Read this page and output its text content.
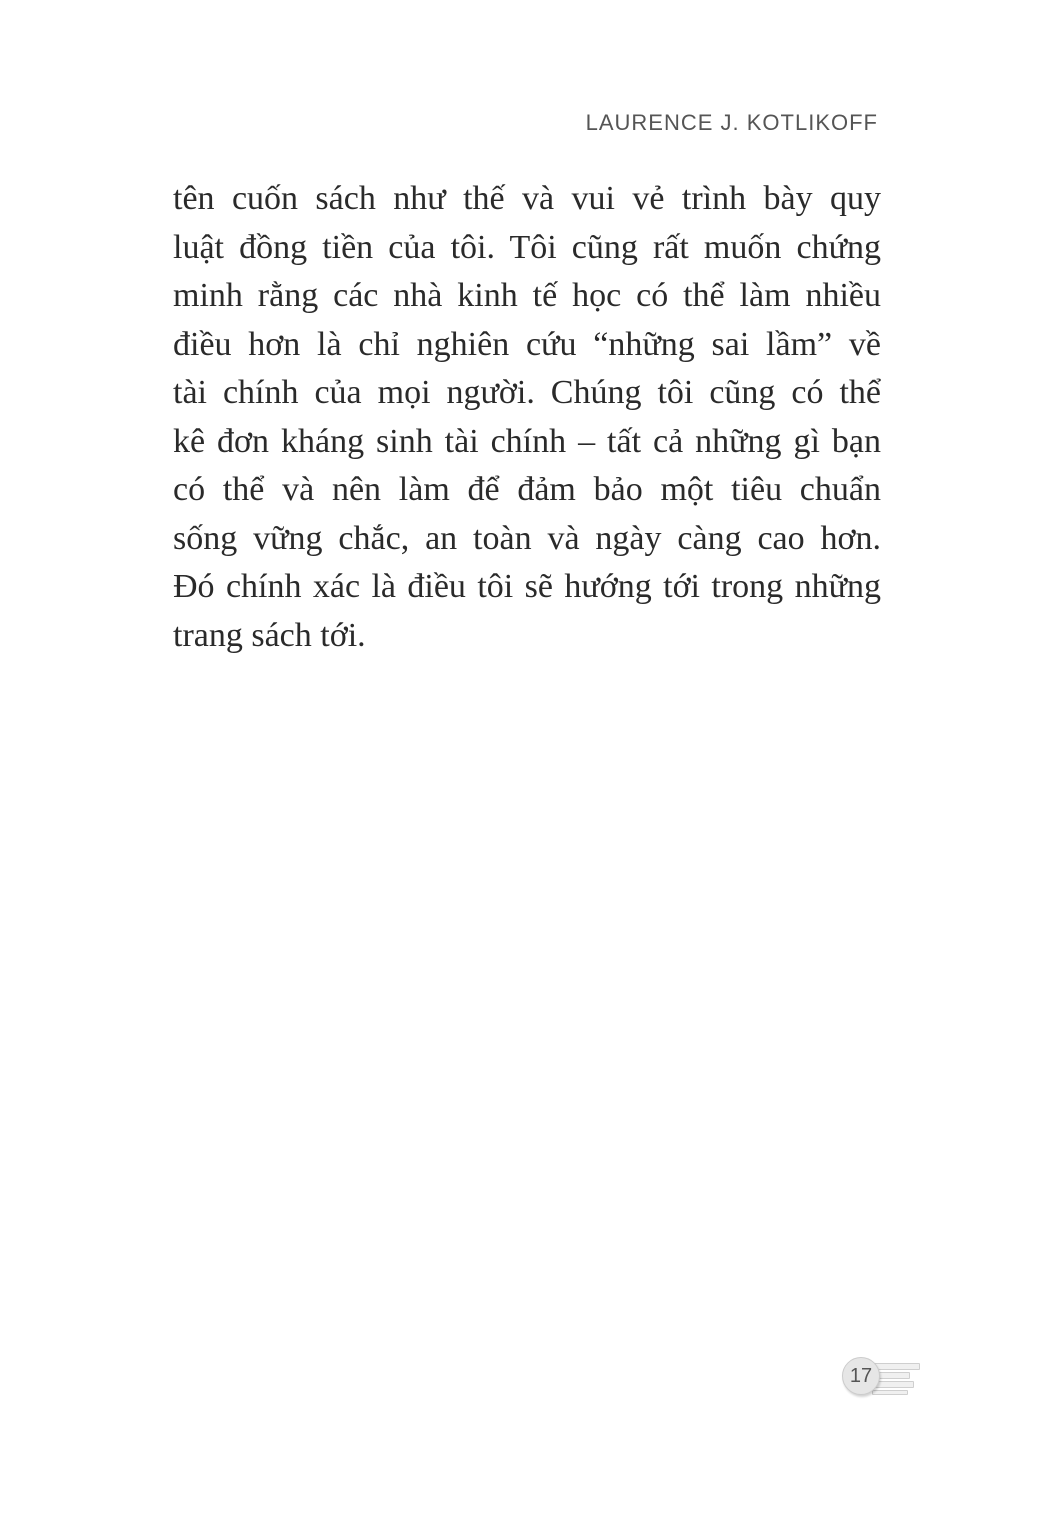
LAURENCE J. KOTLIKOFF

tên cuốn sách như thế và vui vẻ trình bày quy
luật đồng tiền của tôi. Tôi cũng rất muốn chứng
minh rằng các nhà kinh tế học có thể làm nhiều
điều hơn là chỉ nghiên cứu “những sai lầm” về
tài chính của mọi người. Chúng tôi cũng có thể
kê đơn kháng sinh tài chính – tất cả những gì bạn
có thể và nên làm để đảm bảo một tiêu chuẩn
sống vững chắc, an toàn và ngày càng cao hơn.
Đó chính xác là điều tôi sẽ hướng tới trong những
trang sách tới.

17
